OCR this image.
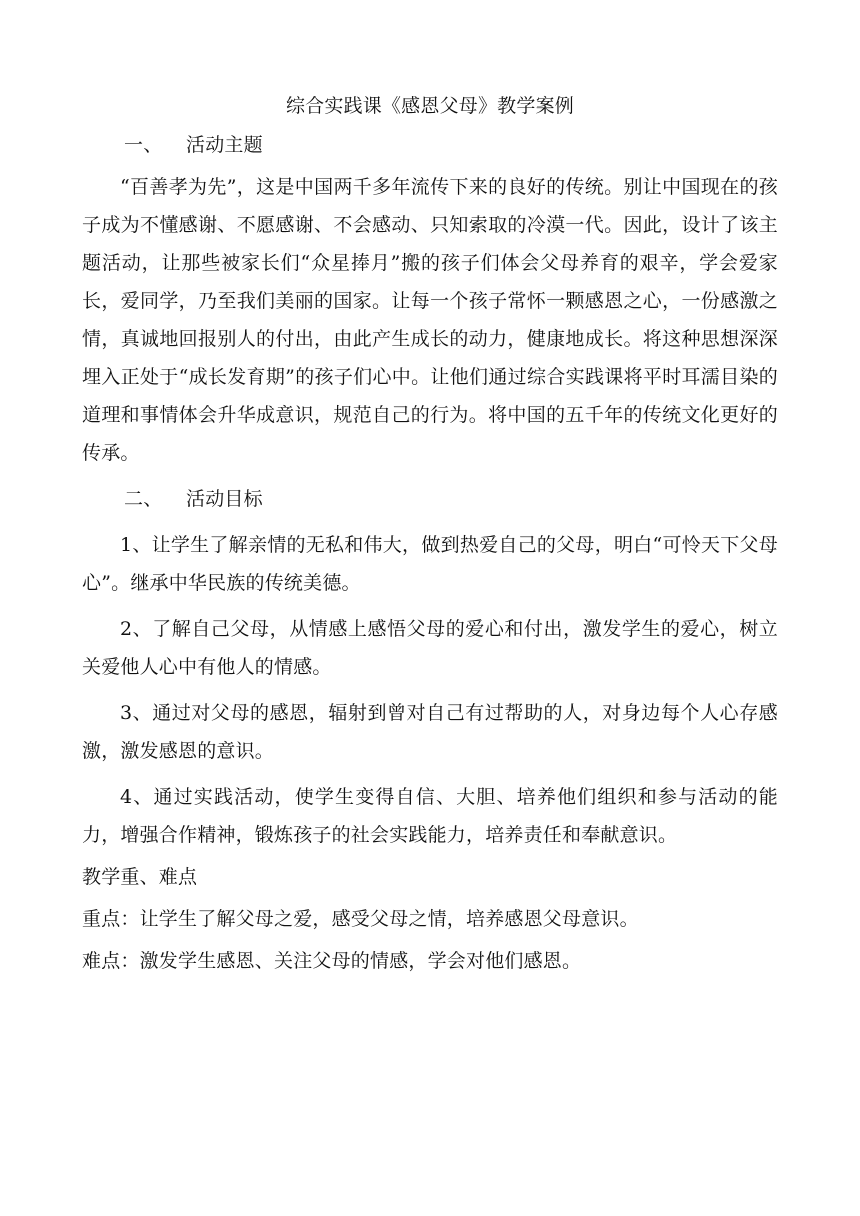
综合实践课《感恩父母》教学案例

一、 活动主题

“百善孝为先”，这是中国两千多年流传下来的良好的传统。别让中国现在的孩子成为不懂感谢、不愿感谢、不会感动、只知索取的冷漠一代。因此，设计了该主题活动，让那些被家长们“众星捧月”搬的孩子们体会父母养育的艰辛，学会爱家长，爱同学，乃至我们美丽的国家。让每一个孩子常怀一颗感恩之心，一份感激之情，真诚地回报别人的付出，由此产生成长的动力，健康地成长。将这种思想深深埋入正处于“成长发育期”的孩子们心中。让他们通过综合实践课将平时耳濡目染的道理和事情体会升华成意识，规范自己的行为。将中国的五千年的传统文化更好的传承。

二、 活动目标

1、让学生了解亲情的无私和伟大，做到热爱自己的父母，明白“可怜天下父母心”。继承中华民族的传统美德。

2、了解自己父母，从情感上感悟父母的爱心和付出，激发学生的爱心，树立关爱他人心中有他人的情感。

3、通过对父母的感恩，辐射到曾对自己有过帮助的人，对身边每个人心存感激，激发感恩的意识。

4、通过实践活动，使学生变得自信、大胆、培养他们组织和参与活动的能力，增强合作精神，锻炼孩子的社会实践能力，培养责任和奉献意识。

教学重、难点

重点：让学生了解父母之爱，感受父母之情，培养感恩父母意识。

难点：激发学生感恩、关注父母的情感，学会对他们感恩。
